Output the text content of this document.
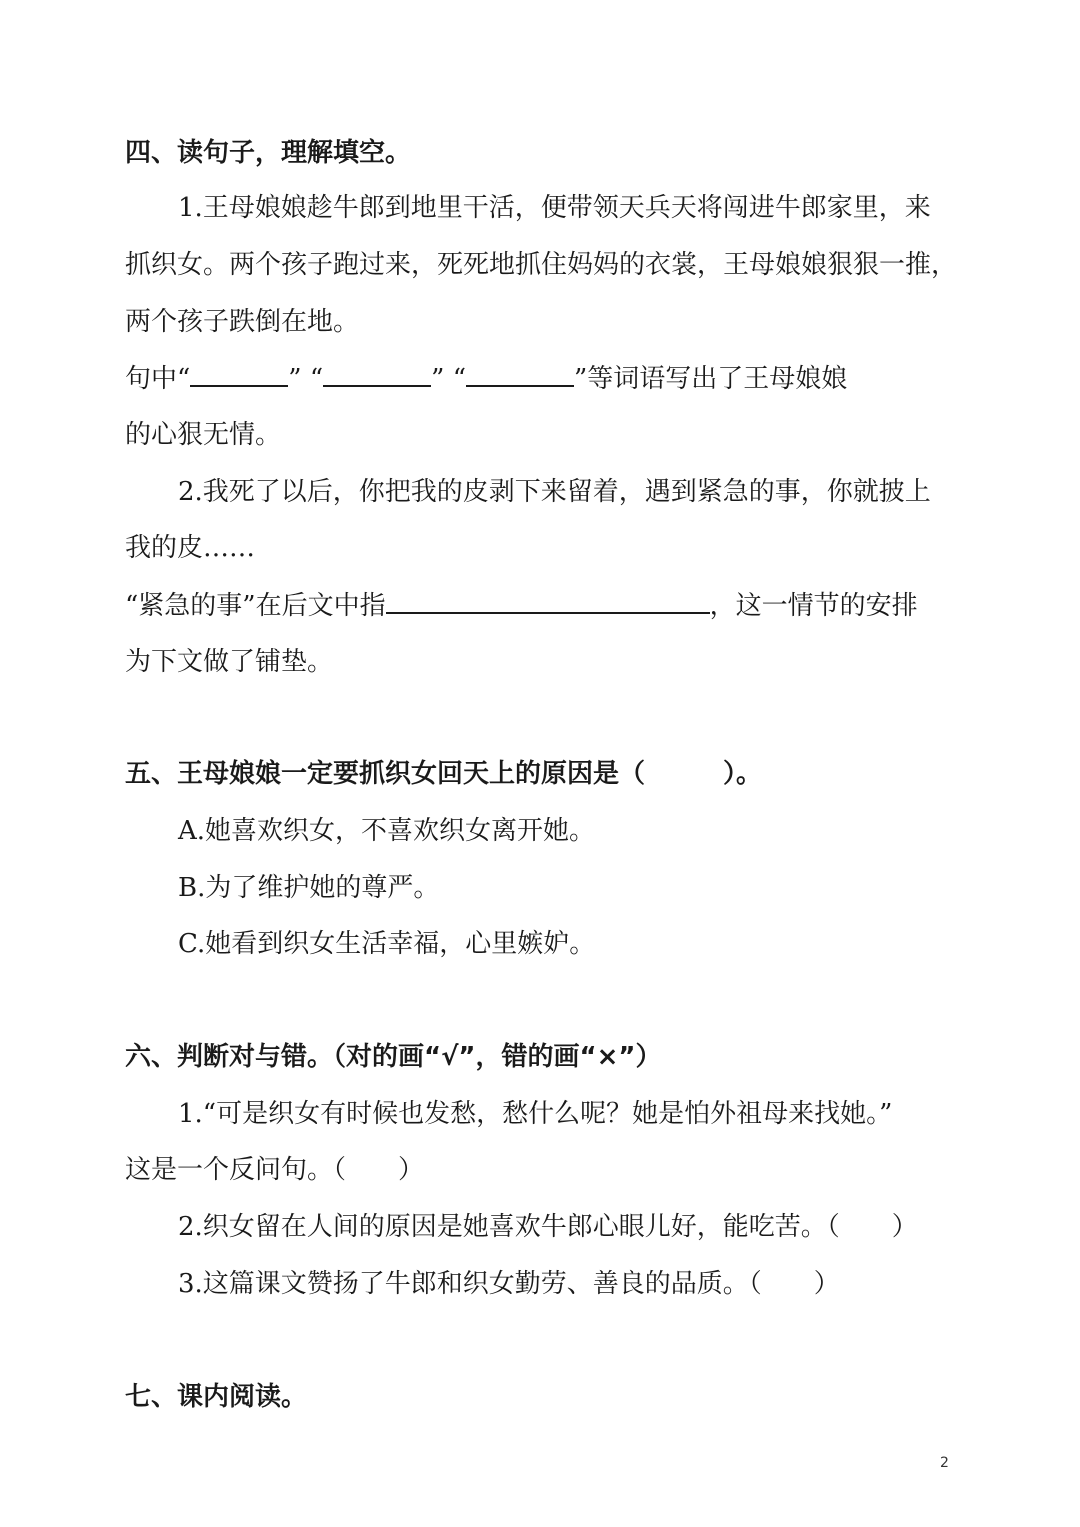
四、读句子，理解填空。
1.王母娘娘趁牛郎到地里干活，便带领天兵天将闯进牛郎家里，来
抓织女。两个孩子跑过来，死死地抓住妈妈的衣裳，王母娘娘狠狠一推，
两个孩子跌倒在地。
句中“	” “	” “	”等词语写出了王母娘娘
的心狠无情。
2.我死了以后，你把我的皮剥下来留着，遇到紧急的事，你就披上
我的皮……
“紧急的事”在后文中指	，这一情节的安排
为下文做了铺垫。
五、王母娘娘一定要抓织女回天上的原因是（　　　）。
A.她喜欢织女，不喜欢织女离开她。
B.为了维护她的尊严。
C.她看到织女生活幸福，心里嫉妒。
六、判断对与错。（对的画“√”，错的画“×”）
1.“可是织女有时候也发愁，愁什么呢？她是怕外祖母来找她。”
这是一个反问句。（　　）
2.织女留在人间的原因是她喜欢牛郎心眼儿好，能吃苦。（　　）
3.这篇课文赞扬了牛郎和织女勤劳、善良的品质。（　　）
七、课内阅读。
2
